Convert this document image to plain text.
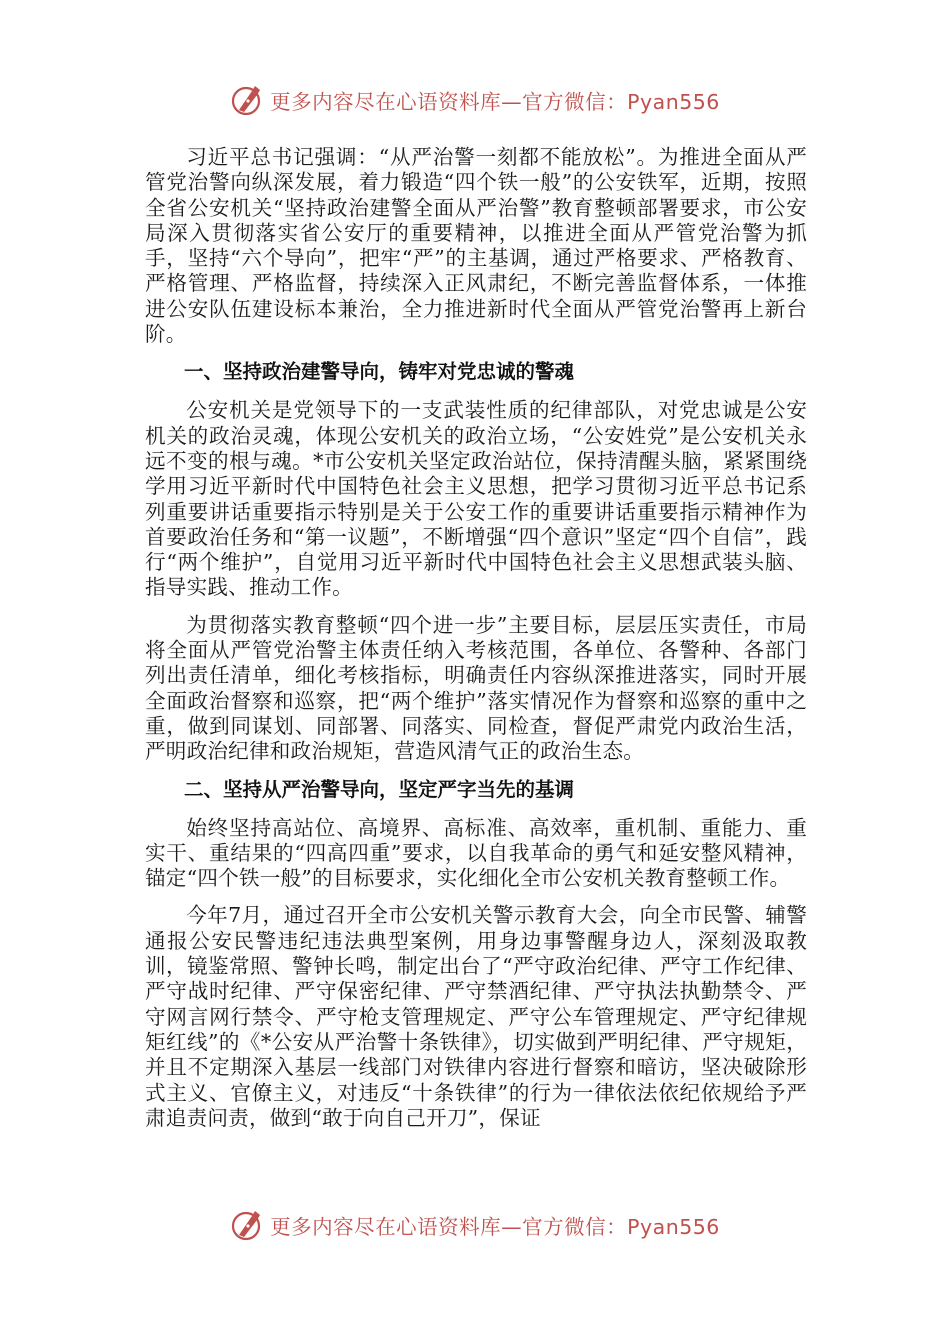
更多内容尽在心语资料库—官方微信：Pyan556

习近平总书记强调：“从严治警一刻都不能放松”。为推进全面从严管党治警向纵深发展，着力锻造“四个铁一般”的公安铁军，近期，按照全省公安机关“坚持政治建警全面从严治警”教育整顿部署要求，市公安局深入贯彻落实省公安厅的重要精神，以推进全面从严管党治警为抓手，坚持“六个导向”，把牢“严”的主基调，通过严格要求、严格教育、严格管理、严格监督，持续深入正风肃纪，不断完善监督体系，一体推进公安队伍建设标本兼治，全力推进新时代全面从严管党治警再上新台阶。

一、坚持政治建警导向，铸牢对党忠诚的警魂

公安机关是党领导下的一支武装性质的纪律部队，对党忠诚是公安机关的政治灵魂，体现公安机关的政治立场，“公安姓党”是公安机关永远不变的根与魂。*市公安机关坚定政治站位，保持清醒头脑，紧紧围绕学用习近平新时代中国特色社会主义思想，把学习贯彻习近平总书记系列重要讲话重要指示特别是关于公安工作的重要讲话重要指示精神作为首要政治任务和“第一议题”，不断增强“四个意识”坚定“四个自信”，践行“两个维护”，自觉用习近平新时代中国特色社会主义思想武装头脑、指导实践、推动工作。

为贯彻落实教育整顿“四个进一步”主要目标，层层压实责任，市局将全面从严管党治警主体责任纳入考核范围，各单位、各警种、各部门列出责任清单，细化考核指标，明确责任内容纵深推进落实，同时开展全面政治督察和巡察，把“两个维护”落实情况作为督察和巡察的重中之重，做到同谋划、同部署、同落实、同检查，督促严肃党内政治生活，严明政治纪律和政治规矩，营造风清气正的政治生态。

二、坚持从严治警导向，坚定严字当先的基调

始终坚持高站位、高境界、高标准、高效率，重机制、重能力、重实干、重结果的“四高四重”要求，以自我革命的勇气和延安整风精神，锚定“四个铁一般”的目标要求，实化细化全市公安机关教育整顿工作。

今年7月，通过召开全市公安机关警示教育大会，向全市民警、辅警通报公安民警违纪违法典型案例，用身边事警醒身边人，深刻汲取教训，镜鉴常照、警钟长鸣，制定出台了“严守政治纪律、严守工作纪律、严守战时纪律、严守保密纪律、严守禁酒纪律、严守执法执勤禁令、严守网言网行禁令、严守枪支管理规定、严守公车管理规定、严守纪律规矩红线”的《*公安从严治警十条铁律》，切实做到严明纪律、严守规矩，并且不定期深入基层一线部门对铁律内容进行督察和暗访，坚决破除形式主义、官僚主义，对违反“十条铁律”的行为一律依法依纪依规给予严肃追责问责，做到“敢于向自己开刀”，保证

更多内容尽在心语资料库—官方微信：Pyan556
